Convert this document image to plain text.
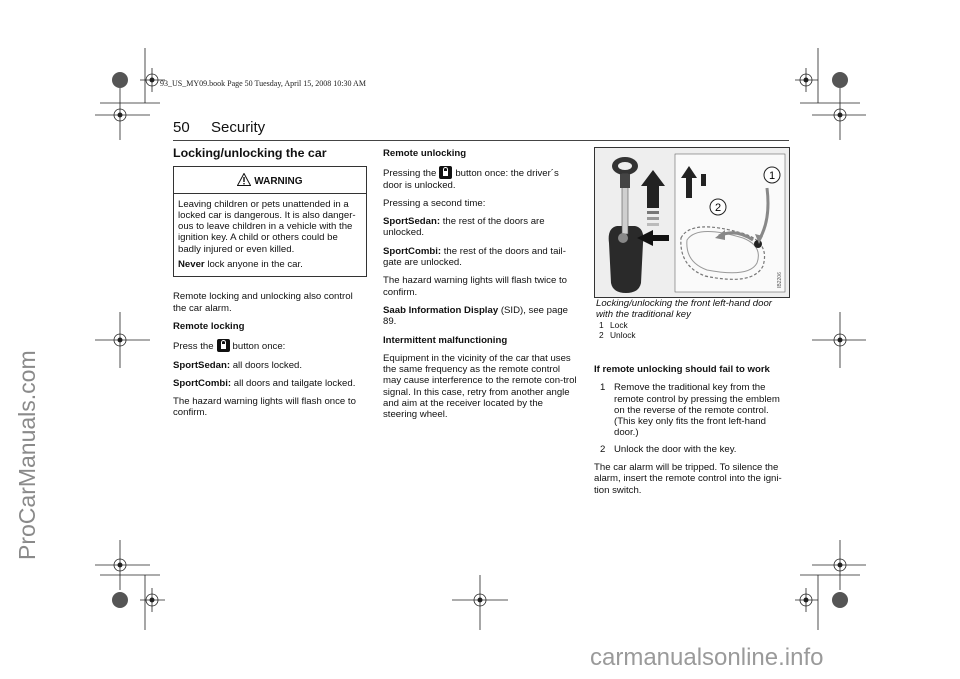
ProCarManuals.com
carmanualsonline.info
93_US_MY09.book Page 50 Tuesday, April 15, 2008 10:30 AM
50 Security

Locking/unlocking the car

WARNING

Leaving children or pets unattended in a locked car is dangerous. It is also danger-ous to leave children in a vehicle with the ignition key. A child or others could be badly injured or even killed.

Never lock anyone in the car.

Remote locking and unlocking also control the car alarm.

Remote locking

Press the button once:

SportSedan: all doors locked.

SportCombi: all doors and tailgate locked.

The hazard warning lights will flash once to confirm.

Remote unlocking

Pressing the button once: the driver´s door is unlocked.

Pressing a second time:

SportSedan: the rest of the doors are unlocked.

SportCombi: the rest of the doors and tail-gate are unlocked.

The hazard warning lights will flash twice to confirm.

Saab Information Display (SID), see page 89.

Intermittent malfunctioning

Equipment in the vicinity of the car that uses the same frequency as the remote control may cause interference to the remote con-trol signal. In this case, retry from another angle and aim at the receiver located by the steering wheel.

1
2
IB2206
Locking/unlocking the front left-hand door with the traditional key
1 Lock
2 Unlock

If remote unlocking should fail to work

1 Remove the traditional key from the remote control by pressing the emblem on the reverse of the remote control. (This key only fits the front left-hand door.)
2 Unlock the door with the key.

The car alarm will be tripped. To silence the alarm, insert the remote control into the igni-tion switch.
